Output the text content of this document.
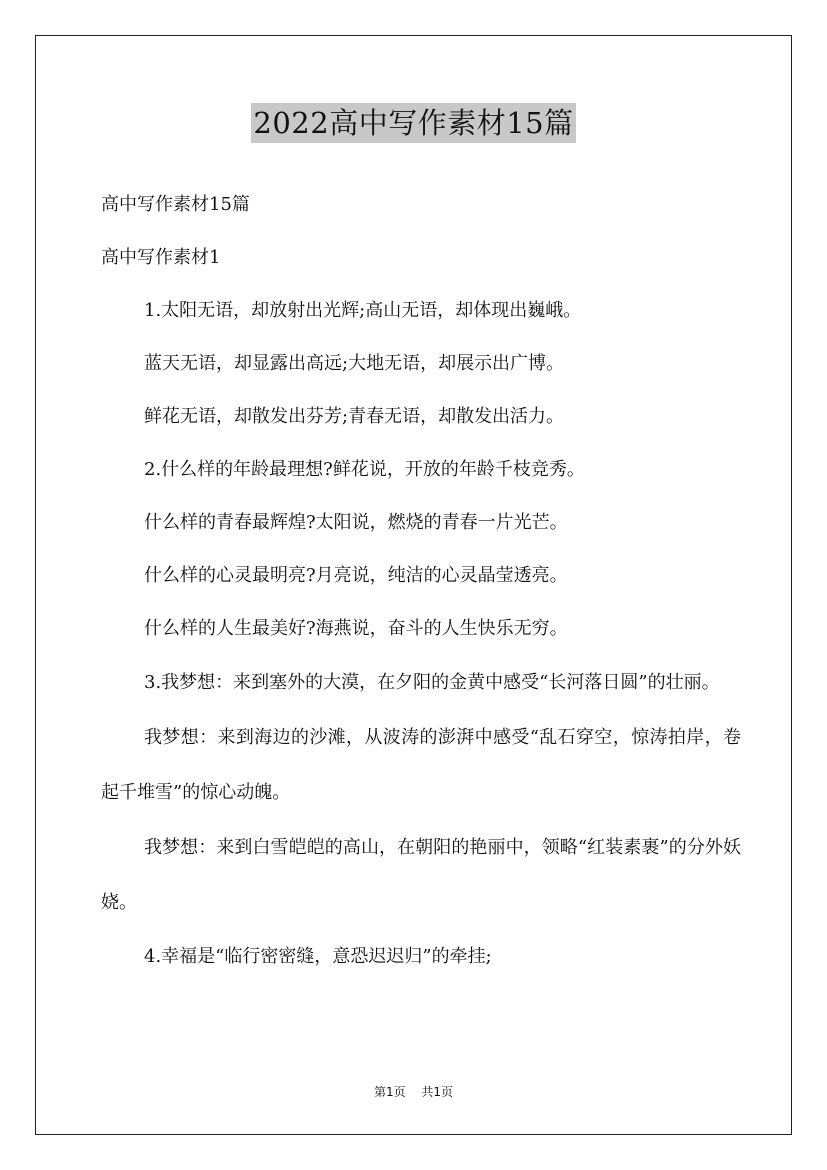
2022高中写作素材15篇

高中写作素材15篇

高中写作素材1

1.太阳无语，却放射出光辉;高山无语，却体现出巍峨。

蓝天无语，却显露出高远;大地无语，却展示出广博。

鲜花无语，却散发出芬芳;青春无语，却散发出活力。

2.什么样的年龄最理想?鲜花说，开放的年龄千枝竞秀。

什么样的青春最辉煌?太阳说，燃烧的青春一片光芒。

什么样的心灵最明亮?月亮说，纯洁的心灵晶莹透亮。

什么样的人生最美好?海燕说，奋斗的人生快乐无穷。

3.我梦想：来到塞外的大漠，在夕阳的金黄中感受“长河落日圆”的壮丽。

我梦想：来到海边的沙滩，从波涛的澎湃中感受“乱石穿空，惊涛拍岸，卷起千堆雪”的惊心动魄。

我梦想：来到白雪皑皑的高山，在朝阳的艳丽中，领略“红装素裹”的分外妖娆。

4.幸福是“临行密密缝，意恐迟迟归”的牵挂;

第1页 共1页
